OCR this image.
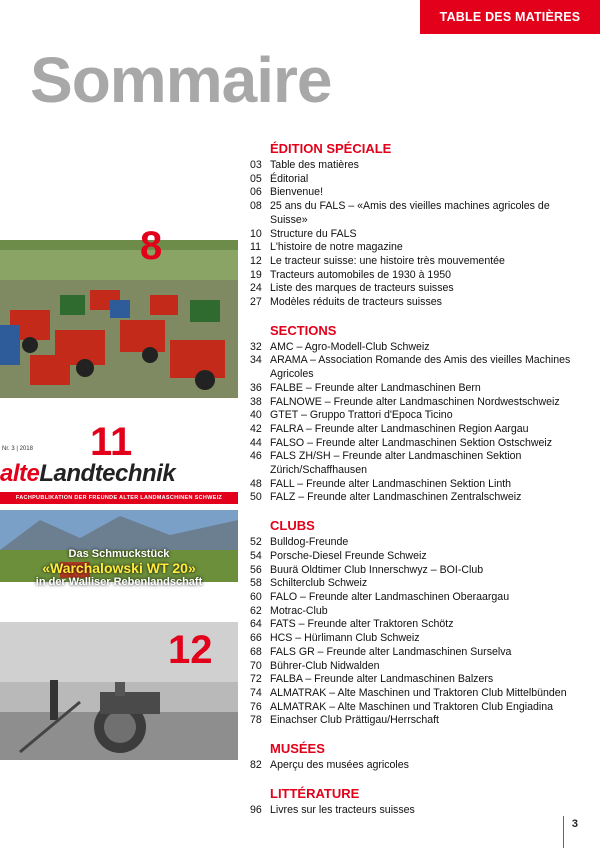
TABLE DES MATIÈRES
Sommaire
8
Nr. 3 | 2018
alteLandtechnik
FACHPUBLIKATION DER FREUNDE ALTER LANDMASCHINEN SCHWEIZ
Das Schmuckstück
«Warchalowski WT 20»
in der Walliser Rebenlandschaft
11
12
ÉDITION SPÉCIALE
03 Table des matières
05 Éditorial
06 Bienvenue!
08 25 ans du FALS – «Amis des vieilles machines agricoles de Suisse»
10 Structure du FALS
11 L'histoire de notre magazine
12 Le tracteur suisse: une histoire très mouvementée
19 Tracteurs automobiles de 1930 à 1950
24 Liste des marques de tracteurs suisses
27 Modèles réduits de tracteurs suisses
SECTIONS
32 AMC – Agro-Modell-Club Schweiz
34 ARAMA – Association Romande des Amis des vieilles Machines Agricoles
36 FALBE – Freunde alter Landmaschinen Bern
38 FALNOWE – Freunde alter Landmaschinen Nordwestschweiz
40 GTET – Gruppo Trattori d'Epoca Ticino
42 FALRA – Freunde alter Landmaschinen Region Aargau
44 FALSO – Freunde alter Landmaschinen Sektion Ostschweiz
46 FALS ZH/SH – Freunde alter Landmaschinen Sektion Zürich/Schaffhausen
48 FALL – Freunde alter Landmaschinen Sektion Linth
50 FALZ – Freunde alter Landmaschinen Zentralschweiz
CLUBS
52 Bulldog-Freunde
54 Porsche-Diesel Freunde Schweiz
56 Buurä Oldtimer Club Innerschwyz – BOI-Club
58 Schilterclub Schweiz
60 FALO – Freunde alter Landmaschinen Oberaargau
62 Motrac-Club
64 FATS – Freunde alter Traktoren Schötz
66 HCS – Hürlimann Club Schweiz
68 FALS GR – Freunde alter Landmaschinen Surselva
70 Bührer-Club Nidwalden
72 FALBA – Freunde alter Landmaschinen Balzers
74 ALMATRAK – Alte Maschinen und Traktoren Club Mittelbünden
76 ALMATRAK – Alte Maschinen und Traktoren Club Engiadina
78 Einachser Club Prättigau/Herrschaft
MUSÉES
82 Aperçu des musées agricoles
LITTÉRATURE
96 Livres sur les tracteurs suisses
3
